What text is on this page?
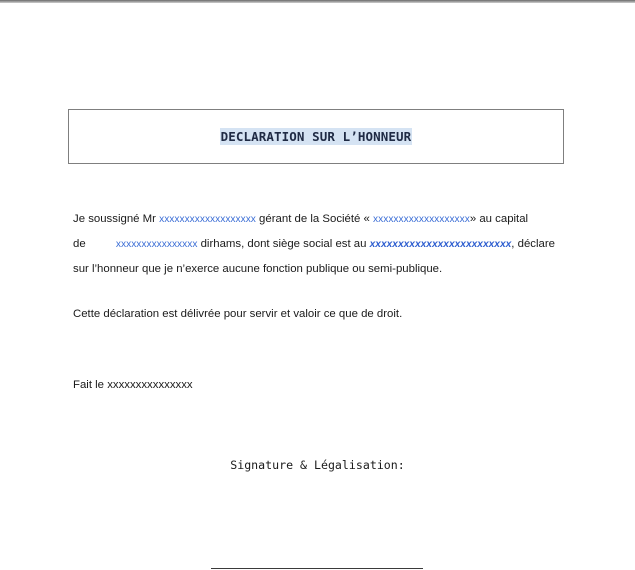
DECLARATION SUR L’HONNEUR
Je soussigné Mr xxxxxxxxxxxxxxxxxxx gérant de la Société « xxxxxxxxxxxxxxxxxxx» au capital
de	xxxxxxxxxxxxxxxx dirhams, dont siège social est au xxxxxxxxxxxxxxxxxxxxxxxxx, déclare
sur l’honneur que je n’exerce aucune fonction publique ou semi-publique.

Cette déclaration est délivrée pour servir et valoir ce que de droit.

Fait le xxxxxxxxxxxxxxx

Signature & Légalisation:
